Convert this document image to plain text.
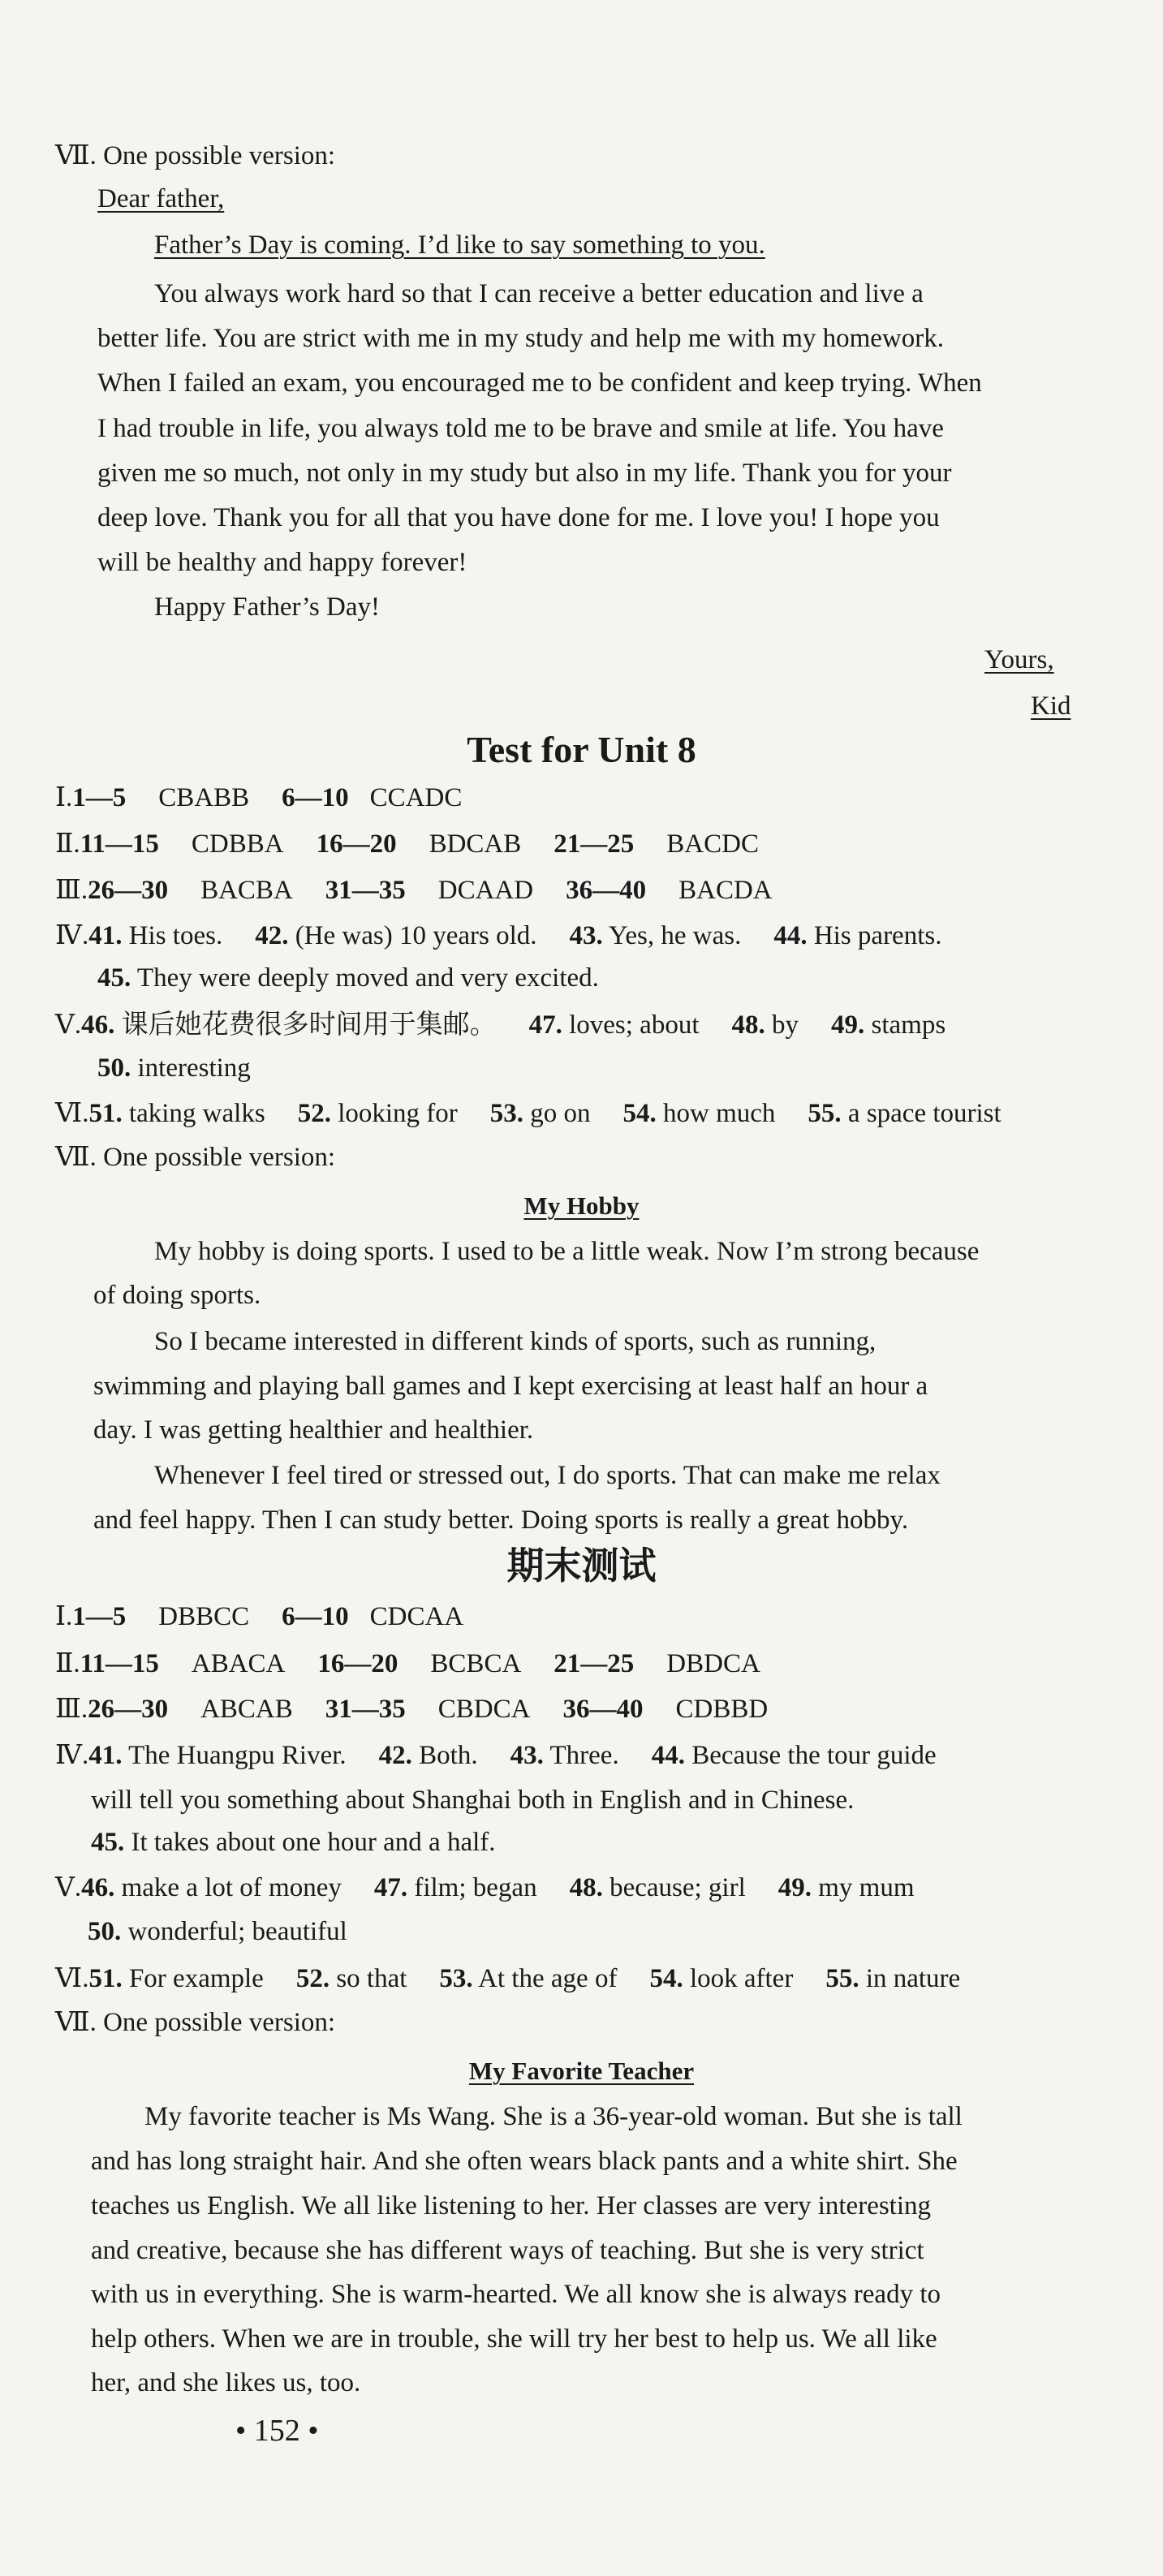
Ⅶ. One possible version:
Dear father,
Father’s Day is coming. I’d like to say something to you.
You always work hard so that I can receive a better education and live a
better life. You are strict with me in my study and help me with my homework.
When I failed an exam, you encouraged me to be confident and keep trying. When
I had trouble in life, you always told me to be brave and smile at life. You have
given me so much, not only in my study but also in my life. Thank you for your
deep love. Thank you for all that you have done for me. I love you! I hope you
will be healthy and happy forever!
Happy Father’s Day!
Yours,
Kid
Test for Unit 8
Ⅰ.1—5 CBABB 6—10 CCADC
Ⅱ.11—15 CDBBA 16—20 BDCAB 21—25 BACDC
Ⅲ.26—30 BACBA 31—35 DCAAD 36—40 BACDA
Ⅳ.41. His toes. 42. (He was) 10 years old. 43. Yes, he was. 44. His parents.
45. They were deeply moved and very excited.
Ⅴ.46. 课后她花费很多时间用于集邮。 47. loves; about 48. by 49. stamps
50. interesting
Ⅵ.51. taking walks 52. looking for 53. go on 54. how much 55. a space tourist
Ⅶ. One possible version:
My Hobby
My hobby is doing sports. I used to be a little weak. Now I’m strong because
of doing sports.
So I became interested in different kinds of sports, such as running,
swimming and playing ball games and I kept exercising at least half an hour a
day. I was getting healthier and healthier.
Whenever I feel tired or stressed out, I do sports. That can make me relax
and feel happy. Then I can study better. Doing sports is really a great hobby.
期末测试
Ⅰ.1—5 DBBCC 6—10 CDCAA
Ⅱ.11—15 ABACA 16—20 BCBCA 21—25 DBDCA
Ⅲ.26—30 ABCAB 31—35 CBDCA 36—40 CDBBD
Ⅳ.41. The Huangpu River. 42. Both. 43. Three. 44. Because the tour guide
will tell you something about Shanghai both in English and in Chinese.
45. It takes about one hour and a half.
Ⅴ.46. make a lot of money 47. film; began 48. because; girl 49. my mum
50. wonderful; beautiful
Ⅵ.51. For example 52. so that 53. At the age of 54. look after 55. in nature
Ⅶ. One possible version:
My Favorite Teacher
My favorite teacher is Ms Wang. She is a 36-year-old woman. But she is tall
and has long straight hair. And she often wears black pants and a white shirt. She
teaches us English. We all like listening to her. Her classes are very interesting
and creative, because she has different ways of teaching. But she is very strict
with us in everything. She is warm-hearted. We all know she is always ready to
help others. When we are in trouble, she will try her best to help us. We all like
her, and she likes us, too.
• 152 •
